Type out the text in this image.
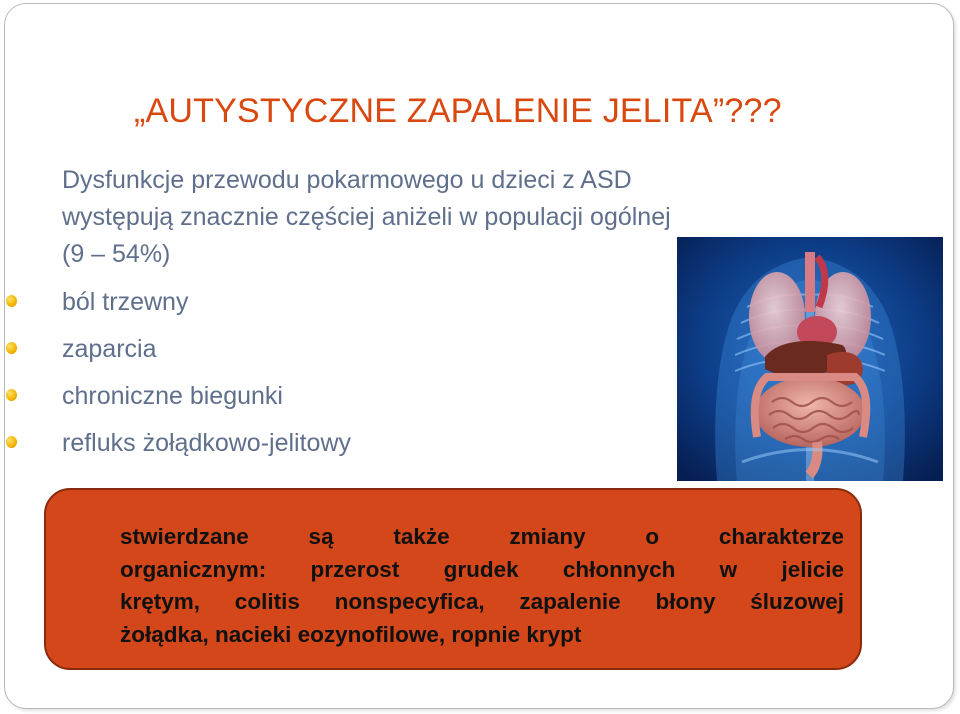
„AUTYSTYCZNE ZAPALENIE JELITA”???
Dysfunkcje przewodu pokarmowego u dzieci z ASD
występują znacznie częściej aniżeli w populacji ogólnej
(9 – 54%)
ból trzewny
zaparcia
chroniczne biegunki
refluks żołądkowo-jelitowy
stwierdzane są także zmiany o charakterze
organicznym: przerost grudek chłonnych w jelicie
krętym, colitis nonspecyfica, zapalenie błony śluzowej
żołądka, nacieki eozynofilowe, ropnie krypt
